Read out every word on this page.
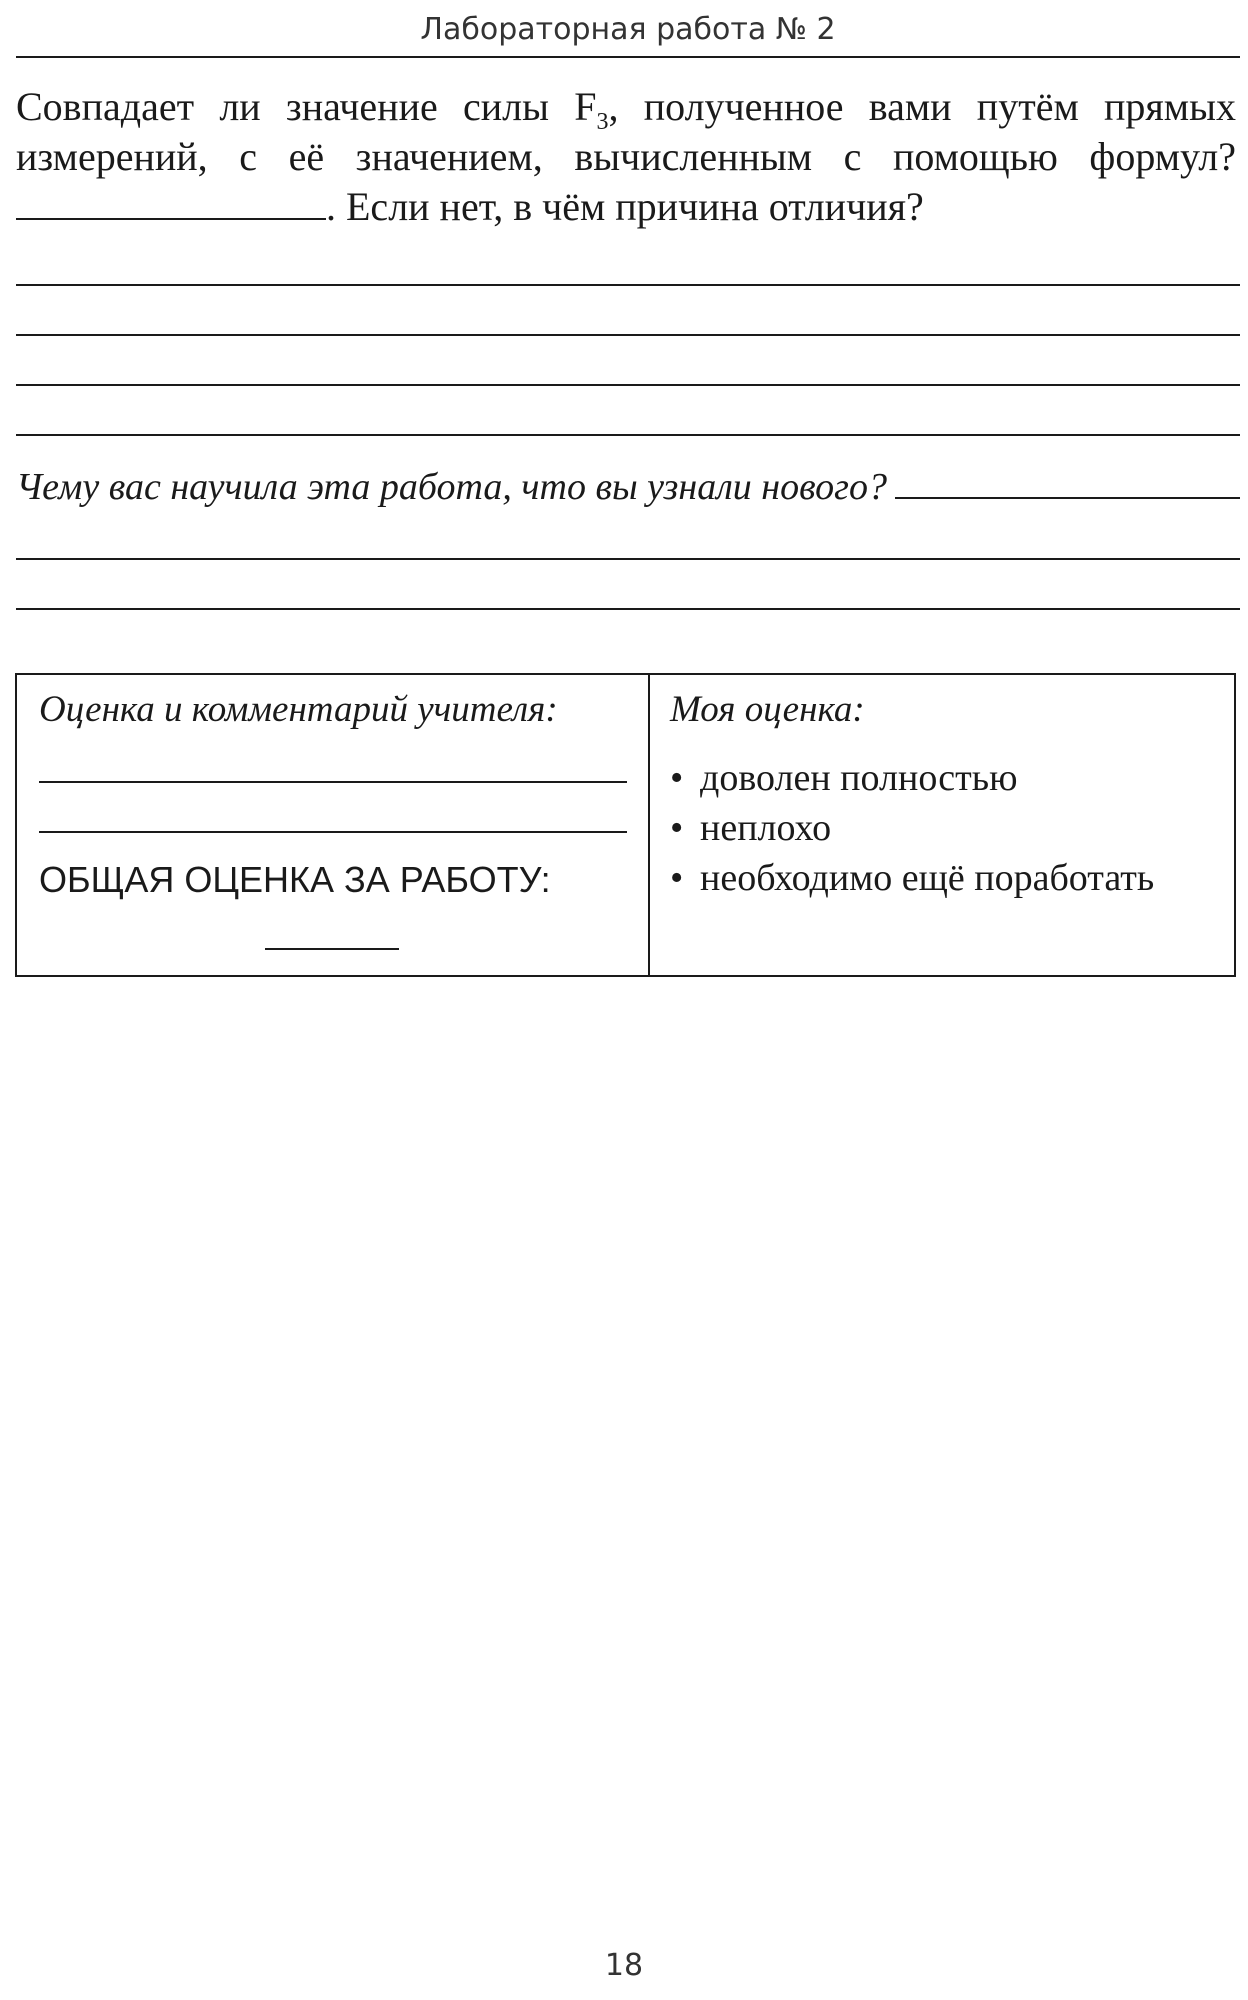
Лабораторная работа № 2
Совпадает ли значение силы $F_3$, полученное вами путём прямых измерений, с её значением, вычисленным с помощью формул? . Если нет, в чём причина отличия?
Чему вас научила эта работа, что вы узнали нового?
Оценка и комментарий учителя:
ОБЩАЯ ОЦЕНКА ЗА РАБОТУ:
Моя оценка:
• доволен полностью
• неплохо
• необходимо ещё поработать
18
